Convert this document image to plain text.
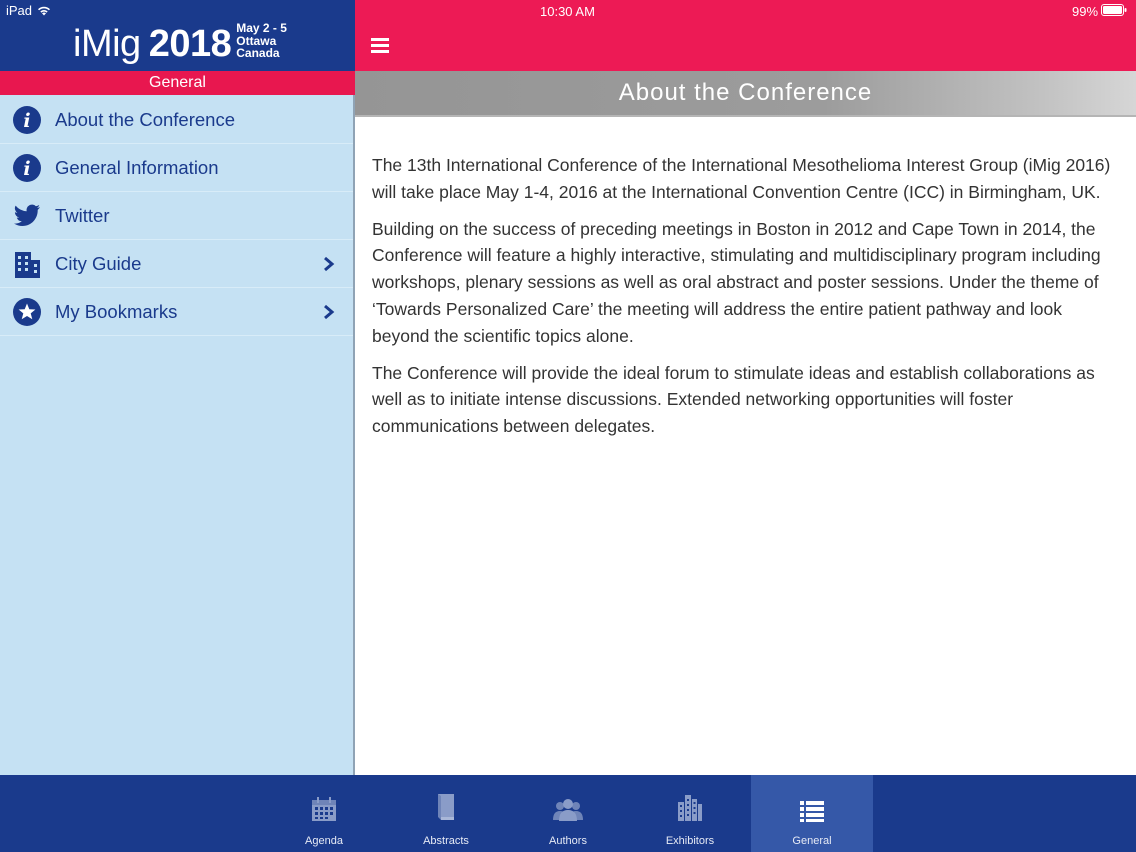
iPad
iMig 2018 May 2 - 5
Ottawa
Canada
General
i About the Conference
i General Information
Twitter
City Guide
My Bookmarks
10:30 AM	99%
About the Conference

The 13th International Conference of the International Mesothelioma Interest Group (iMig 2016) will take place May 1-4, 2016 at the International Convention Centre (ICC) in Birmingham, UK.

Building on the success of preceding meetings in Boston in 2012 and Cape Town in 2014, the Conference will feature a highly interactive, stimulating and multidisciplinary program including workshops, plenary sessions as well as oral abstract and poster sessions. Under the theme of ‘Towards Personalized Care’ the meeting will address the entire patient pathway and look beyond the scientific topics alone.

The Conference will provide the ideal forum to stimulate ideas and establish collaborations as well as to initiate intense discussions. Extended networking opportunities will foster communications between delegates.

Agenda	Abstracts	Authors	Exhibitors	General
